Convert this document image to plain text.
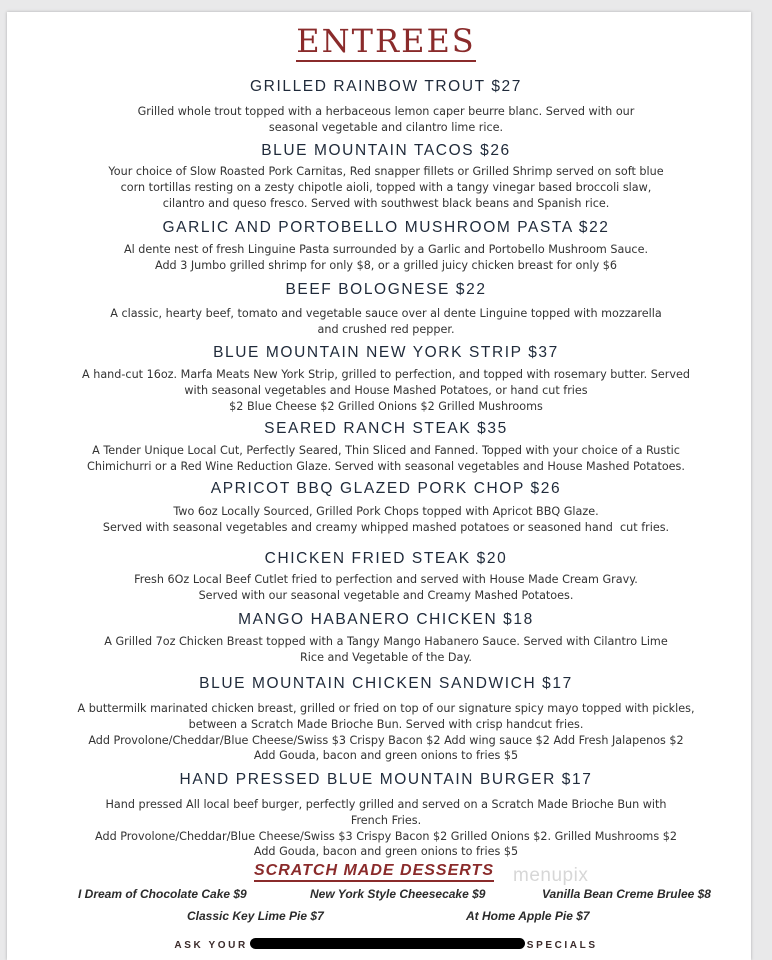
ENTREES
GRILLED RAINBOW TROUT $27
Grilled whole trout topped with a herbaceous lemon caper beurre blanc. Served with our
seasonal vegetable and cilantro lime rice.
BLUE MOUNTAIN TACOS $26
Your choice of Slow Roasted Pork Carnitas, Red snapper fillets or Grilled Shrimp served on soft blue
corn tortillas resting on a zesty chipotle aioli, topped with a tangy vinegar based broccoli slaw,
cilantro and queso fresco. Served with southwest black beans and Spanish rice.
GARLIC AND PORTOBELLO MUSHROOM PASTA $22
Al dente nest of fresh Linguine Pasta surrounded by a Garlic and Portobello Mushroom Sauce.
Add 3 Jumbo grilled shrimp for only $8, or a grilled juicy chicken breast for only $6
BEEF BOLOGNESE $22
A classic, hearty beef, tomato and vegetable sauce over al dente Linguine topped with mozzarella
and crushed red pepper.
BLUE MOUNTAIN NEW YORK STRIP $37
A hand-cut 16oz. Marfa Meats New York Strip, grilled to perfection, and topped with rosemary butter. Served
with seasonal vegetables and House Mashed Potatoes, or hand cut fries
$2 Blue Cheese $2 Grilled Onions $2 Grilled Mushrooms
SEARED RANCH STEAK $35
A Tender Unique Local Cut, Perfectly Seared, Thin Sliced and Fanned. Topped with your choice of a Rustic
Chimichurri or a Red Wine Reduction Glaze. Served with seasonal vegetables and House Mashed Potatoes.
APRICOT BBQ GLAZED PORK CHOP $26
Two 6oz Locally Sourced, Grilled Pork Chops topped with Apricot BBQ Glaze.
Served with seasonal vegetables and creamy whipped mashed potatoes or seasoned hand  cut fries.
CHICKEN FRIED STEAK $20
Fresh 6Oz Local Beef Cutlet fried to perfection and served with House Made Cream Gravy.
Served with our seasonal vegetable and Creamy Mashed Potatoes.
MANGO HABANERO CHICKEN $18
A Grilled 7oz Chicken Breast topped with a Tangy Mango Habanero Sauce. Served with Cilantro Lime
Rice and Vegetable of the Day.
BLUE MOUNTAIN CHICKEN SANDWICH $17
A buttermilk marinated chicken breast, grilled or fried on top of our signature spicy mayo topped with pickles,
between a Scratch Made Brioche Bun. Served with crisp handcut fries.
Add Provolone/Cheddar/Blue Cheese/Swiss $3 Crispy Bacon $2 Add wing sauce $2 Add Fresh Jalapenos $2
Add Gouda, bacon and green onions to fries $5
HAND PRESSED BLUE MOUNTAIN BURGER $17
Hand pressed All local beef burger, perfectly grilled and served on a Scratch Made Brioche Bun with
French Fries.
Add Provolone/Cheddar/Blue Cheese/Swiss $3 Crispy Bacon $2 Grilled Onions $2. Grilled Mushrooms $2
Add Gouda, bacon and green onions to fries $5
SCRATCH MADE DESSERTS menupix
I Dream of Chocolate Cake $9	New York Style Cheesecake $9	Vanilla Bean Creme Brulee $8
Classic Key Lime Pie $7	At Home Apple Pie $7
ASK YOUR	SPECIALS
